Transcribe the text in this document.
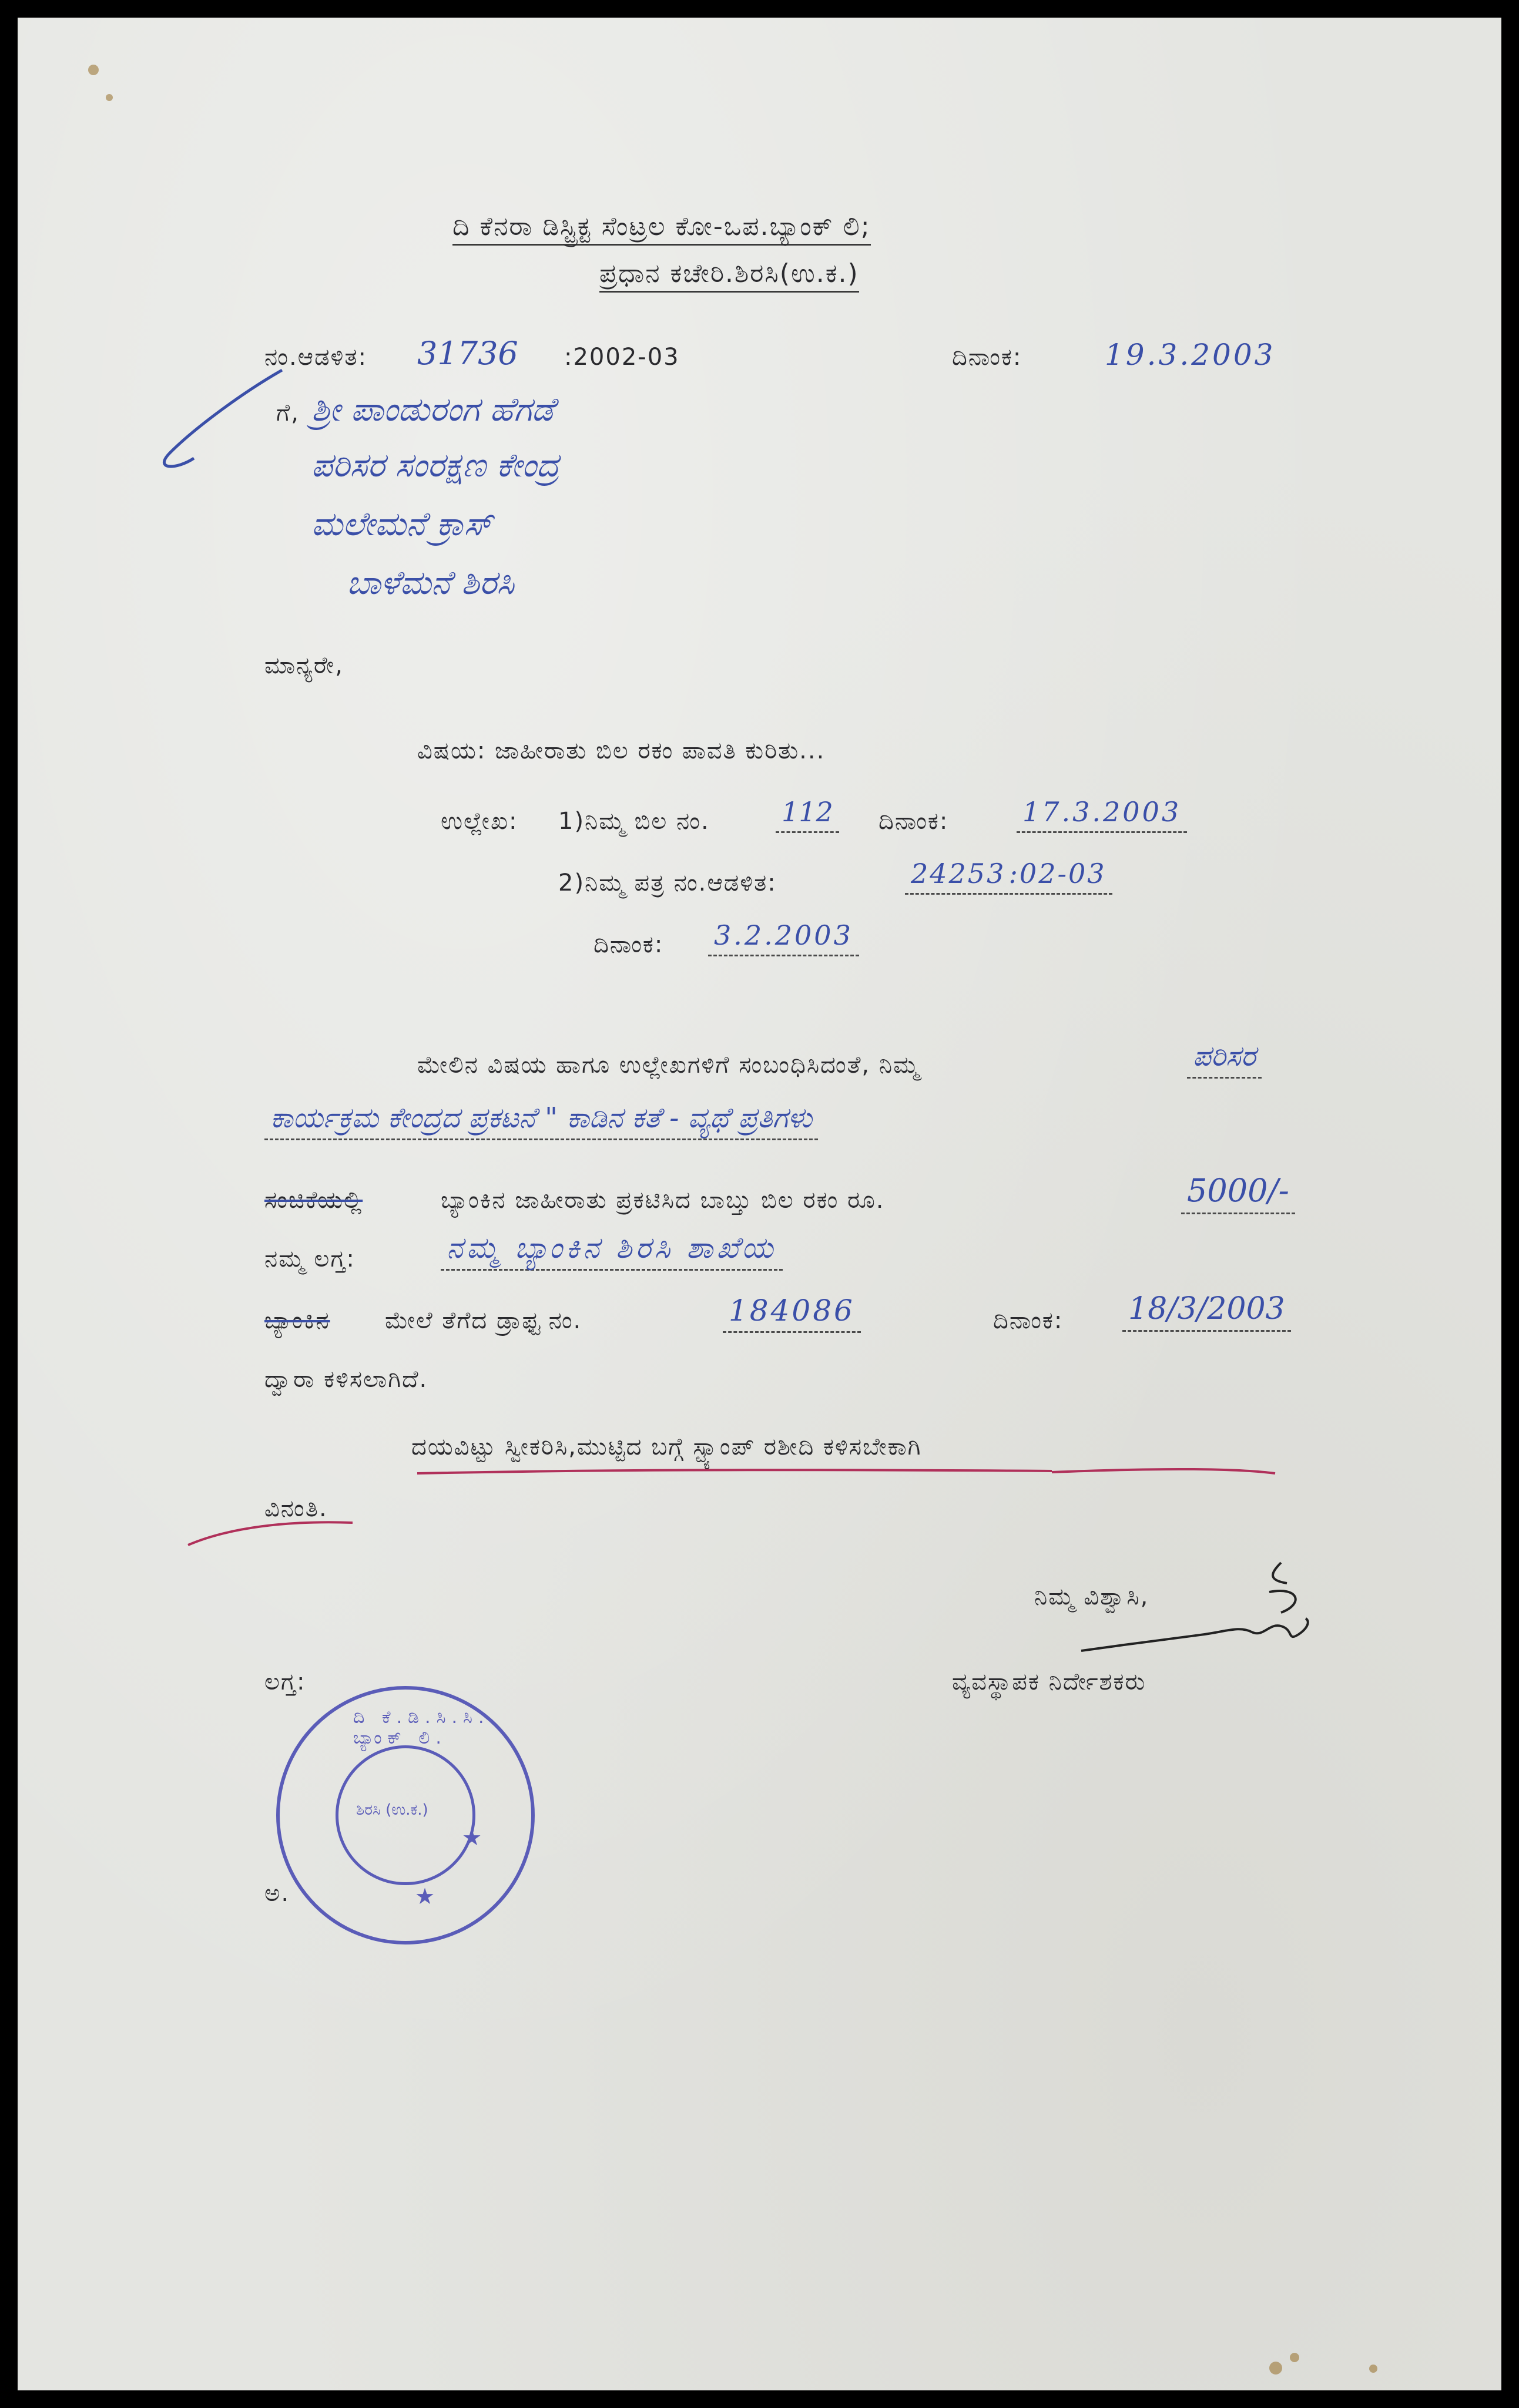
ದಿ ಕೆನರಾ ಡಿಸ್ಟ್ರಿಕ್ಟ ಸೆಂಟ್ರಲ ಕೋ-ಒಪ.ಬ್ಯಾಂಕ್ ಲಿ;
ಪ್ರಧಾನ ಕಚೇರಿ.ಶಿರಸಿ(ಉ.ಕ.)
ನಂ.ಆಡಳಿತ: 31736 :2002-03	ದಿನಾಂಕ:	19.3.2003
ಗೆ, ಶ್ರೀ ಪಾಂಡುರಂಗ ಹೆಗಡೆ
ಪರಿಸರ ಸಂರಕ್ಷಣ ಕೇಂದ್ರ
ಮಲೇಮನೆ ಕ್ರಾಸ್
ಬಾಳೆಮನೆ ಶಿರಸಿ
ಮಾನ್ಯರೇ,
ವಿಷಯ: ಜಾಹೀರಾತು ಬಿಲ ರಕಂ ಪಾವತಿ ಕುರಿತು...
ಉಲ್ಲೇಖ: 1)ನಿಮ್ಮ ಬಿಲ ನಂ.	112 ದಿನಾಂಕ:	17.3.2003
2)ನಿಮ್ಮ ಪತ್ರ ನಂ.ಆಡಳಿತ:	24253 :02-03
ದಿನಾಂಕ: 3.2.2003
ಮೇಲಿನ ವಿಷಯ ಹಾಗೂ ಉಲ್ಲೇಖಗಳಿಗೆ ಸಂಬಂಧಿಸಿದಂತೆ, ನಿಮ್ಮ	ಪರಿಸರ
ಕಾರ್ಯಕ್ರಮ ಕೇಂದ್ರದ ಪ್ರಕಟನೆ " ಕಾಡಿನ ಕತೆ - ವ್ಯಥೆ ಪ್ರತಿಗಳು
ಸಂಚಿಕೆಯಲ್ಲಿ	ಬ್ಯಾಂಕಿನ ಜಾಹೀರಾತು ಪ್ರಕಟಿಸಿದ ಬಾಬ್ತು ಬಿಲ ರಕಂ ರೂ.	5000/-
ನಮ್ಮ ಲಗ್ತ:	ನಮ್ಮ ಬ್ಯಾಂಕಿನ ಶಿರಸಿ ಶಾಖೆಯ
ಬ್ಯಾಂಕಿನ ಮೇಲೆ ತೆಗೆದ ಡ್ರಾಫ್ಟ ನಂ.	184086	ದಿನಾಂಕ: 18/3/2003
ದ್ವಾರಾ ಕಳಿಸಲಾಗಿದೆ.
ದಯವಿಟ್ಟು ಸ್ವೀಕರಿಸಿ,ಮುಟ್ಟಿದ ಬಗ್ಗೆ ಸ್ಟ್ಯಾಂಪ್ ರಶೀದಿ ಕಳಿಸಬೇಕಾಗಿ
ವಿನಂತಿ.
ನಿಮ್ಮ ವಿಶ್ವಾಸಿ,
ವ್ಯವಸ್ಥಾಪಕ ನಿರ್ದೇಶಕರು
ಲಗ್ತ:
ದಿ ಕೆ.ಡಿ.ಸಿ.ಸಿ. ಬ್ಯಾಂಕ್ ಲಿ.
ಶಿರಸಿ (ಉ.ಕ.)
★
★
ಅ.
